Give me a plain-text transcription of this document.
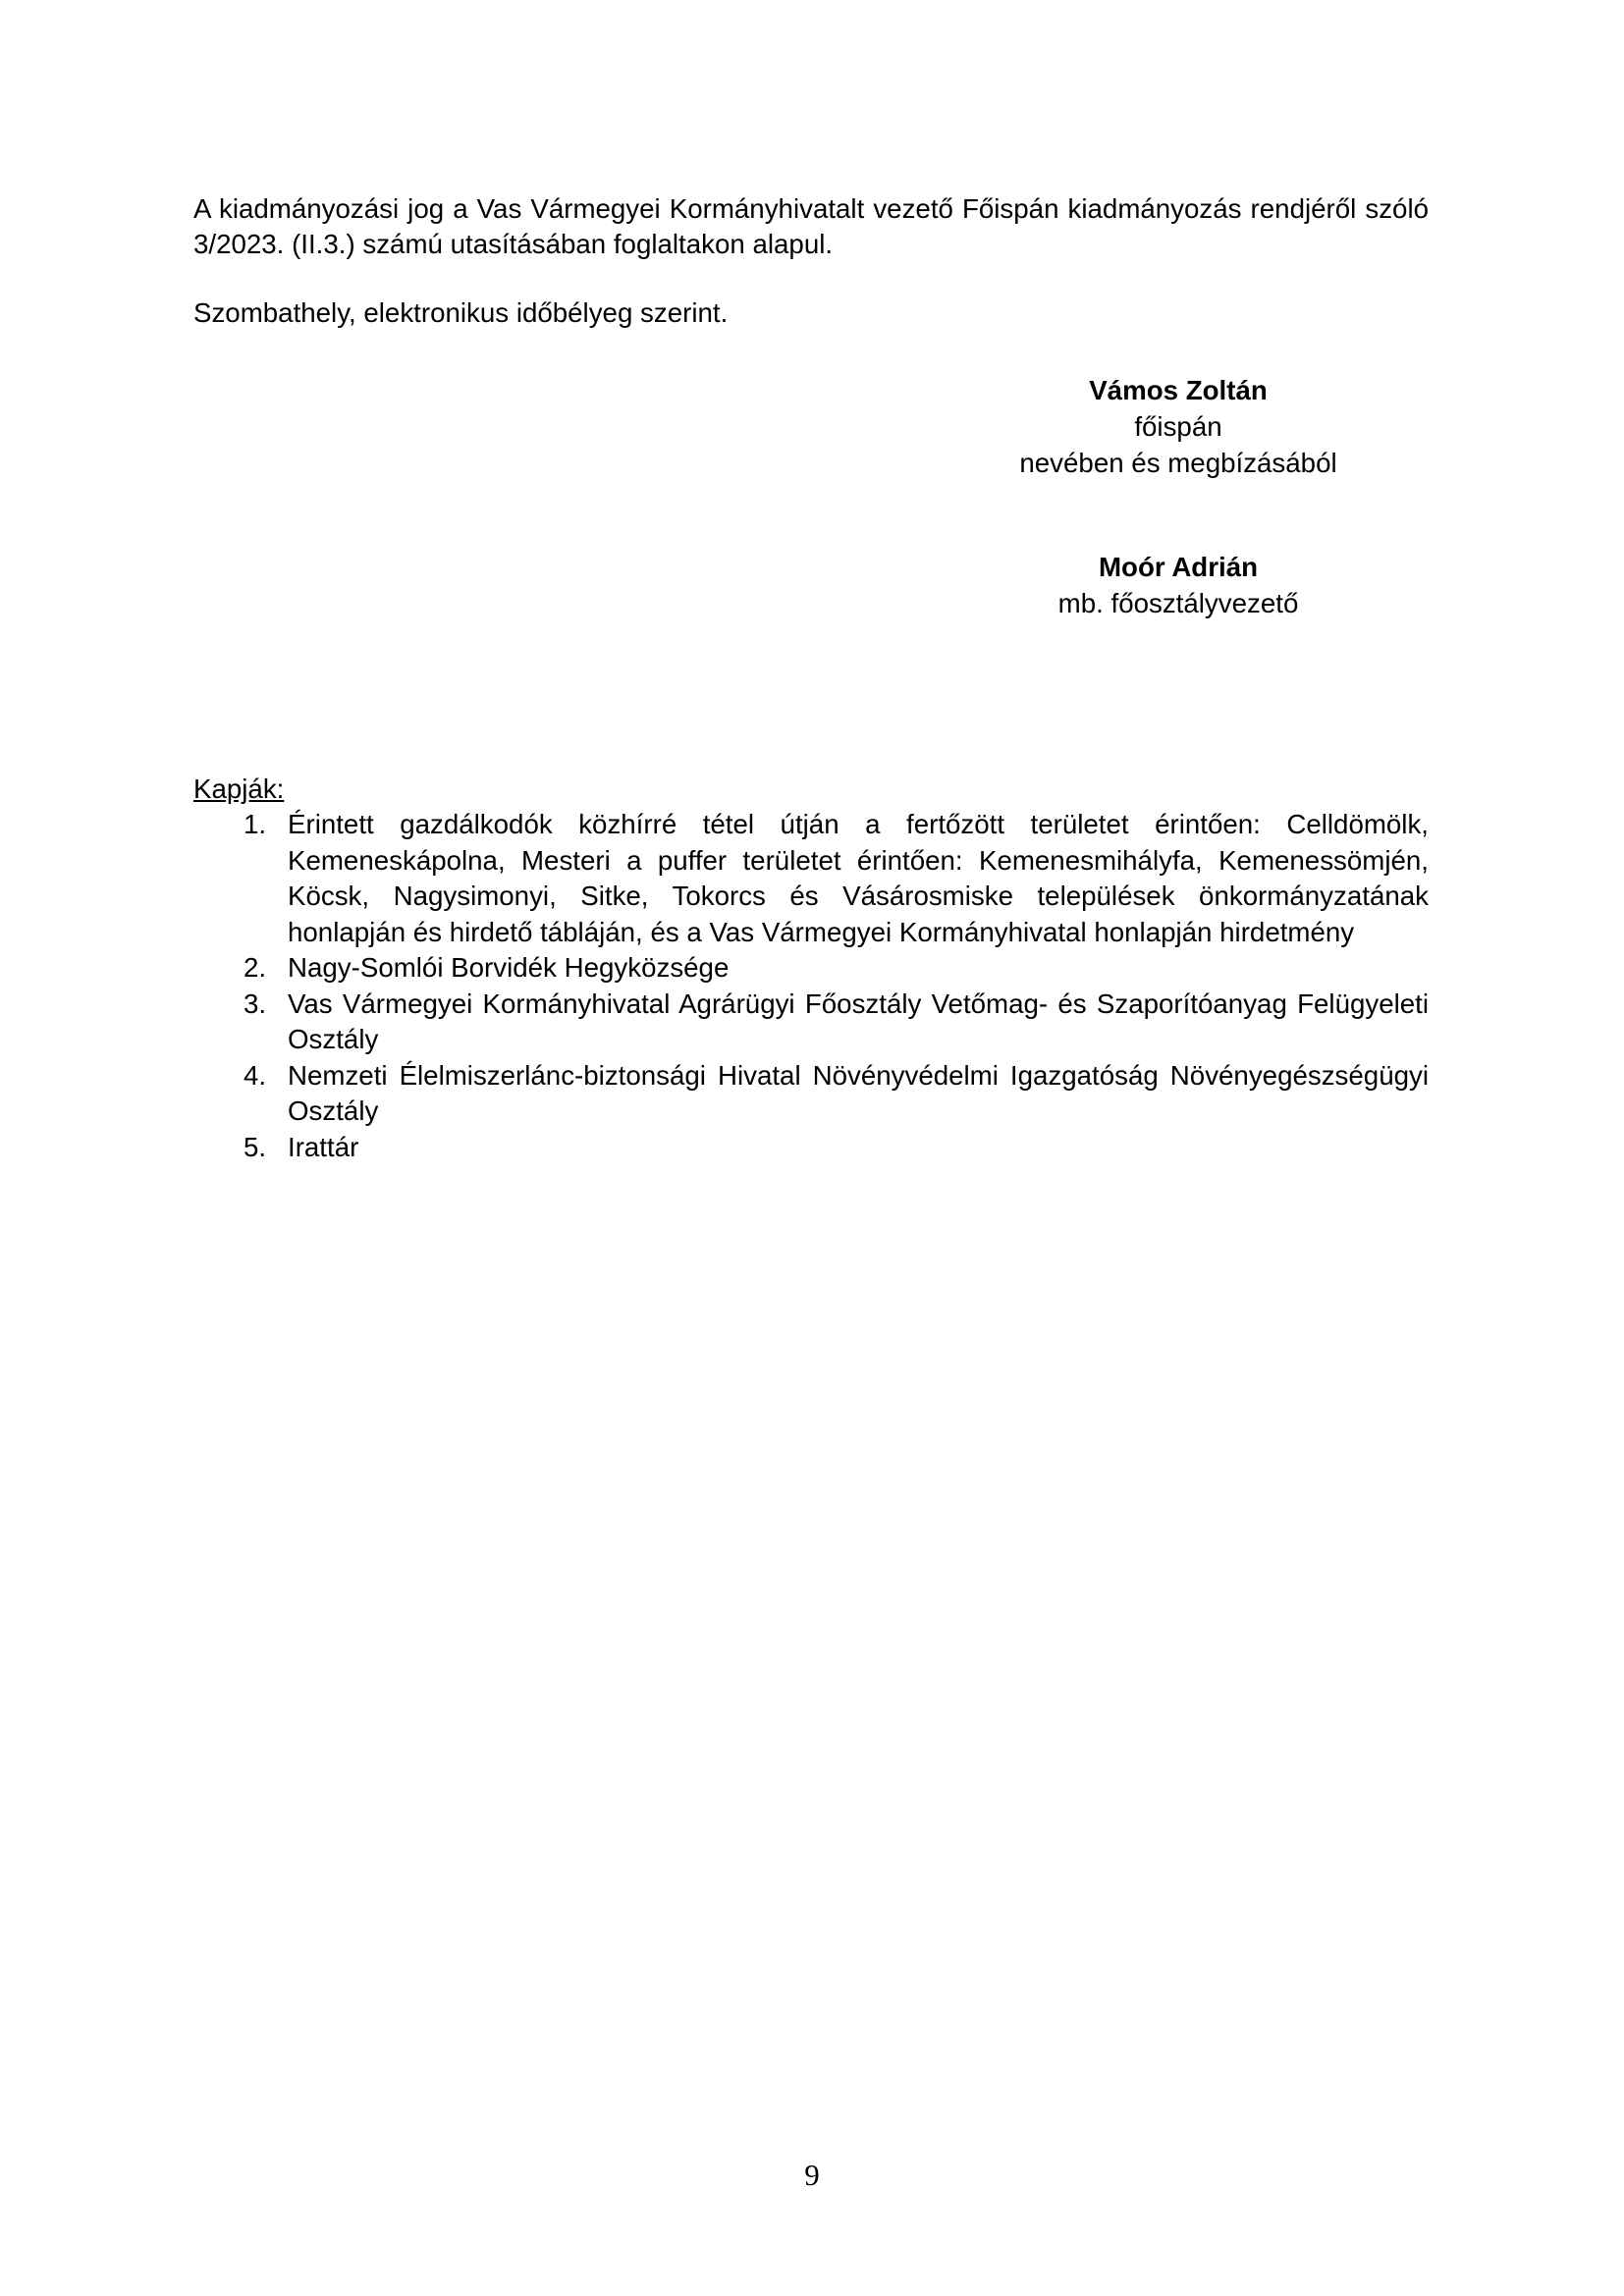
A kiadmányozási jog a Vas Vármegyei Kormányhivatalt vezető Főispán kiadmányozás rendjéről szóló 3/2023. (II.3.) számú utasításában foglaltakon alapul.

Szombathely, elektronikus időbélyeg szerint.

Vámos Zoltán
főispán
nevében és megbízásából
Moór Adrián
mb. főosztályvezető
Kapják:
1. Érintett gazdálkodók közhírré tétel útján a fertőzött területet érintően: Celldömölk, Kemeneskápolna, Mesteri a puffer területet érintően: Kemenesmihályfa, Kemenessömjén, Köcsk, Nagysimonyi, Sitke, Tokorcs és Vásárosmiske települések önkormányzatának honlapján és hirdető tábláján, és a Vas Vármegyei Kormányhivatal honlapján hirdetmény
2. Nagy-Somlói Borvidék Hegyközsége
3. Vas Vármegyei Kormányhivatal Agrárügyi Főosztály Vetőmag- és Szaporítóanyag Felügyeleti Osztály
4. Nemzeti Élelmiszerlánc-biztonsági Hivatal Növényvédelmi Igazgatóság Növényegészségügyi Osztály
5. Irattár
9
